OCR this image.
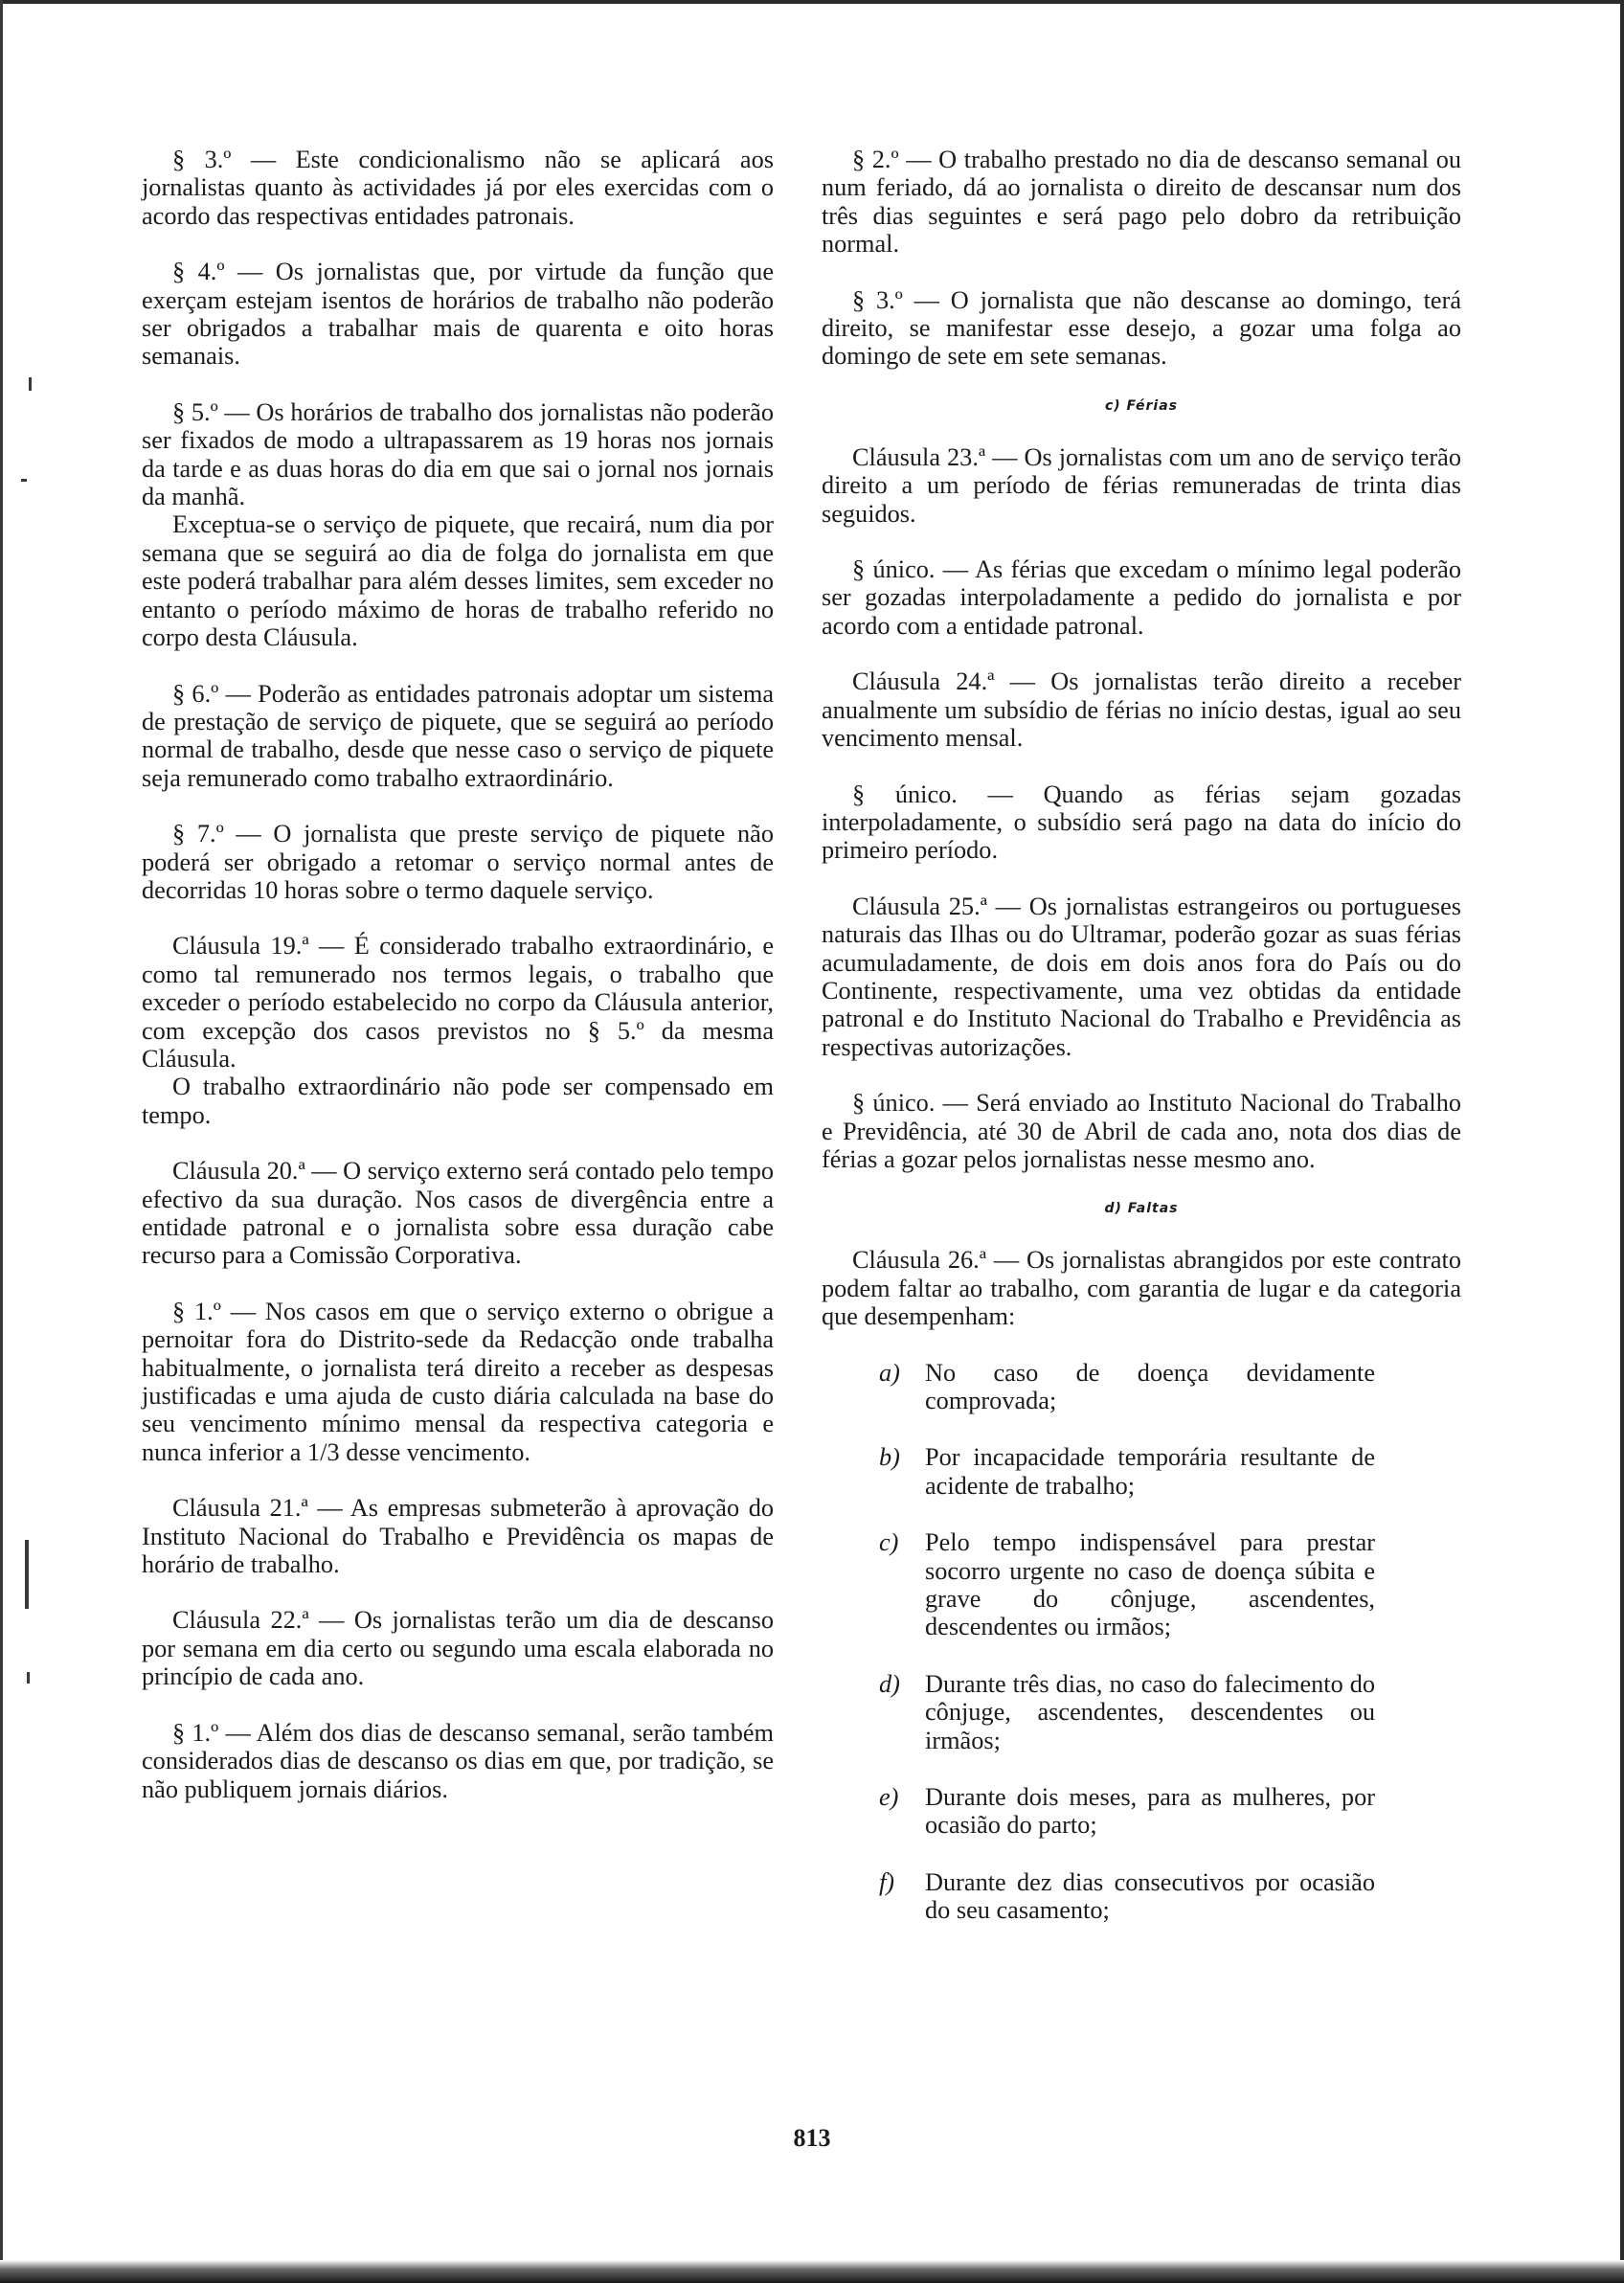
§ 3.º — Este condicionalismo não se aplicará aos jornalistas quanto às actividades já por eles exercidas com o acordo das respectivas entidades patronais.

§ 4.º — Os jornalistas que, por virtude da função que exerçam estejam isentos de horários de trabalho não poderão ser obrigados a trabalhar mais de quarenta e oito horas semanais.

§ 5.º — Os horários de trabalho dos jornalistas não poderão ser fixados de modo a ultrapassarem as 19 horas nos jornais da tarde e as duas horas do dia em que sai o jornal nos jornais da manhã.

Exceptua-se o serviço de piquete, que recairá, num dia por semana que se seguirá ao dia de folga do jornalista em que este poderá trabalhar para além desses limites, sem exceder no entanto o período máximo de horas de trabalho referido no corpo desta Cláusula.

§ 6.º — Poderão as entidades patronais adoptar um sistema de prestação de serviço de piquete, que se seguirá ao período normal de trabalho, desde que nesse caso o serviço de piquete seja remunerado como trabalho extraordinário.

§ 7.º — O jornalista que preste serviço de piquete não poderá ser obrigado a retomar o serviço normal antes de decorridas 10 horas sobre o termo daquele serviço.

Cláusula 19.ª — É considerado trabalho extraordinário, e como tal remunerado nos termos legais, o trabalho que exceder o período estabelecido no corpo da Cláusula anterior, com excepção dos casos previstos no § 5.º da mesma Cláusula.

O trabalho extraordinário não pode ser compensado em tempo.

Cláusula 20.ª — O serviço externo será contado pelo tempo efectivo da sua duração. Nos casos de divergência entre a entidade patronal e o jornalista sobre essa duração cabe recurso para a Comissão Corporativa.

§ 1.º — Nos casos em que o serviço externo o obrigue a pernoitar fora do Distrito-sede da Redacção onde trabalha habitualmente, o jornalista terá direito a receber as despesas justificadas e uma ajuda de custo diária calculada na base do seu vencimento mínimo mensal da respectiva categoria e nunca inferior a 1/3 desse vencimento.

Cláusula 21.ª — As empresas submeterão à aprovação do Instituto Nacional do Trabalho e Previdência os mapas de horário de trabalho.

Cláusula 22.ª — Os jornalistas terão um dia de descanso por semana em dia certo ou segundo uma escala elaborada no princípio de cada ano.

§ 1.º — Além dos dias de descanso semanal, serão também considerados dias de descanso os dias em que, por tradição, se não publiquem jornais diários.

§ 2.º — O trabalho prestado no dia de descanso semanal ou num feriado, dá ao jornalista o direito de descansar num dos três dias seguintes e será pago pelo dobro da retribuição normal.

§ 3.º — O jornalista que não descanse ao domingo, terá direito, se manifestar esse desejo, a gozar uma folga ao domingo de sete em sete semanas.

c) Férias

Cláusula 23.ª — Os jornalistas com um ano de serviço terão direito a um período de férias remuneradas de trinta dias seguidos.

§ único. — As férias que excedam o mínimo legal poderão ser gozadas interpoladamente a pedido do jornalista e por acordo com a entidade patronal.

Cláusula 24.ª — Os jornalistas terão direito a receber anualmente um subsídio de férias no início destas, igual ao seu vencimento mensal.

§ único. — Quando as férias sejam gozadas interpoladamente, o subsídio será pago na data do início do primeiro período.

Cláusula 25.ª — Os jornalistas estrangeiros ou portugueses naturais das Ilhas ou do Ultramar, poderão gozar as suas férias acumuladamente, de dois em dois anos fora do País ou do Continente, respectivamente, uma vez obtidas da entidade patronal e do Instituto Nacional do Trabalho e Previdência as respectivas autorizações.

§ único. — Será enviado ao Instituto Nacional do Trabalho e Previdência, até 30 de Abril de cada ano, nota dos dias de férias a gozar pelos jornalistas nesse mesmo ano.

d) Faltas

Cláusula 26.ª — Os jornalistas abrangidos por este contrato podem faltar ao trabalho, com garantia de lugar e da categoria que desempenham:

a) No caso de doença devidamente comprovada;
b) Por incapacidade temporária resultante de acidente de trabalho;
c) Pelo tempo indispensável para prestar socorro urgente no caso de doença súbita e grave do cônjuge, ascendentes, descendentes ou irmãos;
d) Durante três dias, no caso do falecimento do cônjuge, ascendentes, descendentes ou irmãos;
e) Durante dois meses, para as mulheres, por ocasião do parto;
f) Durante dez dias consecutivos por ocasião do seu casamento;
813
